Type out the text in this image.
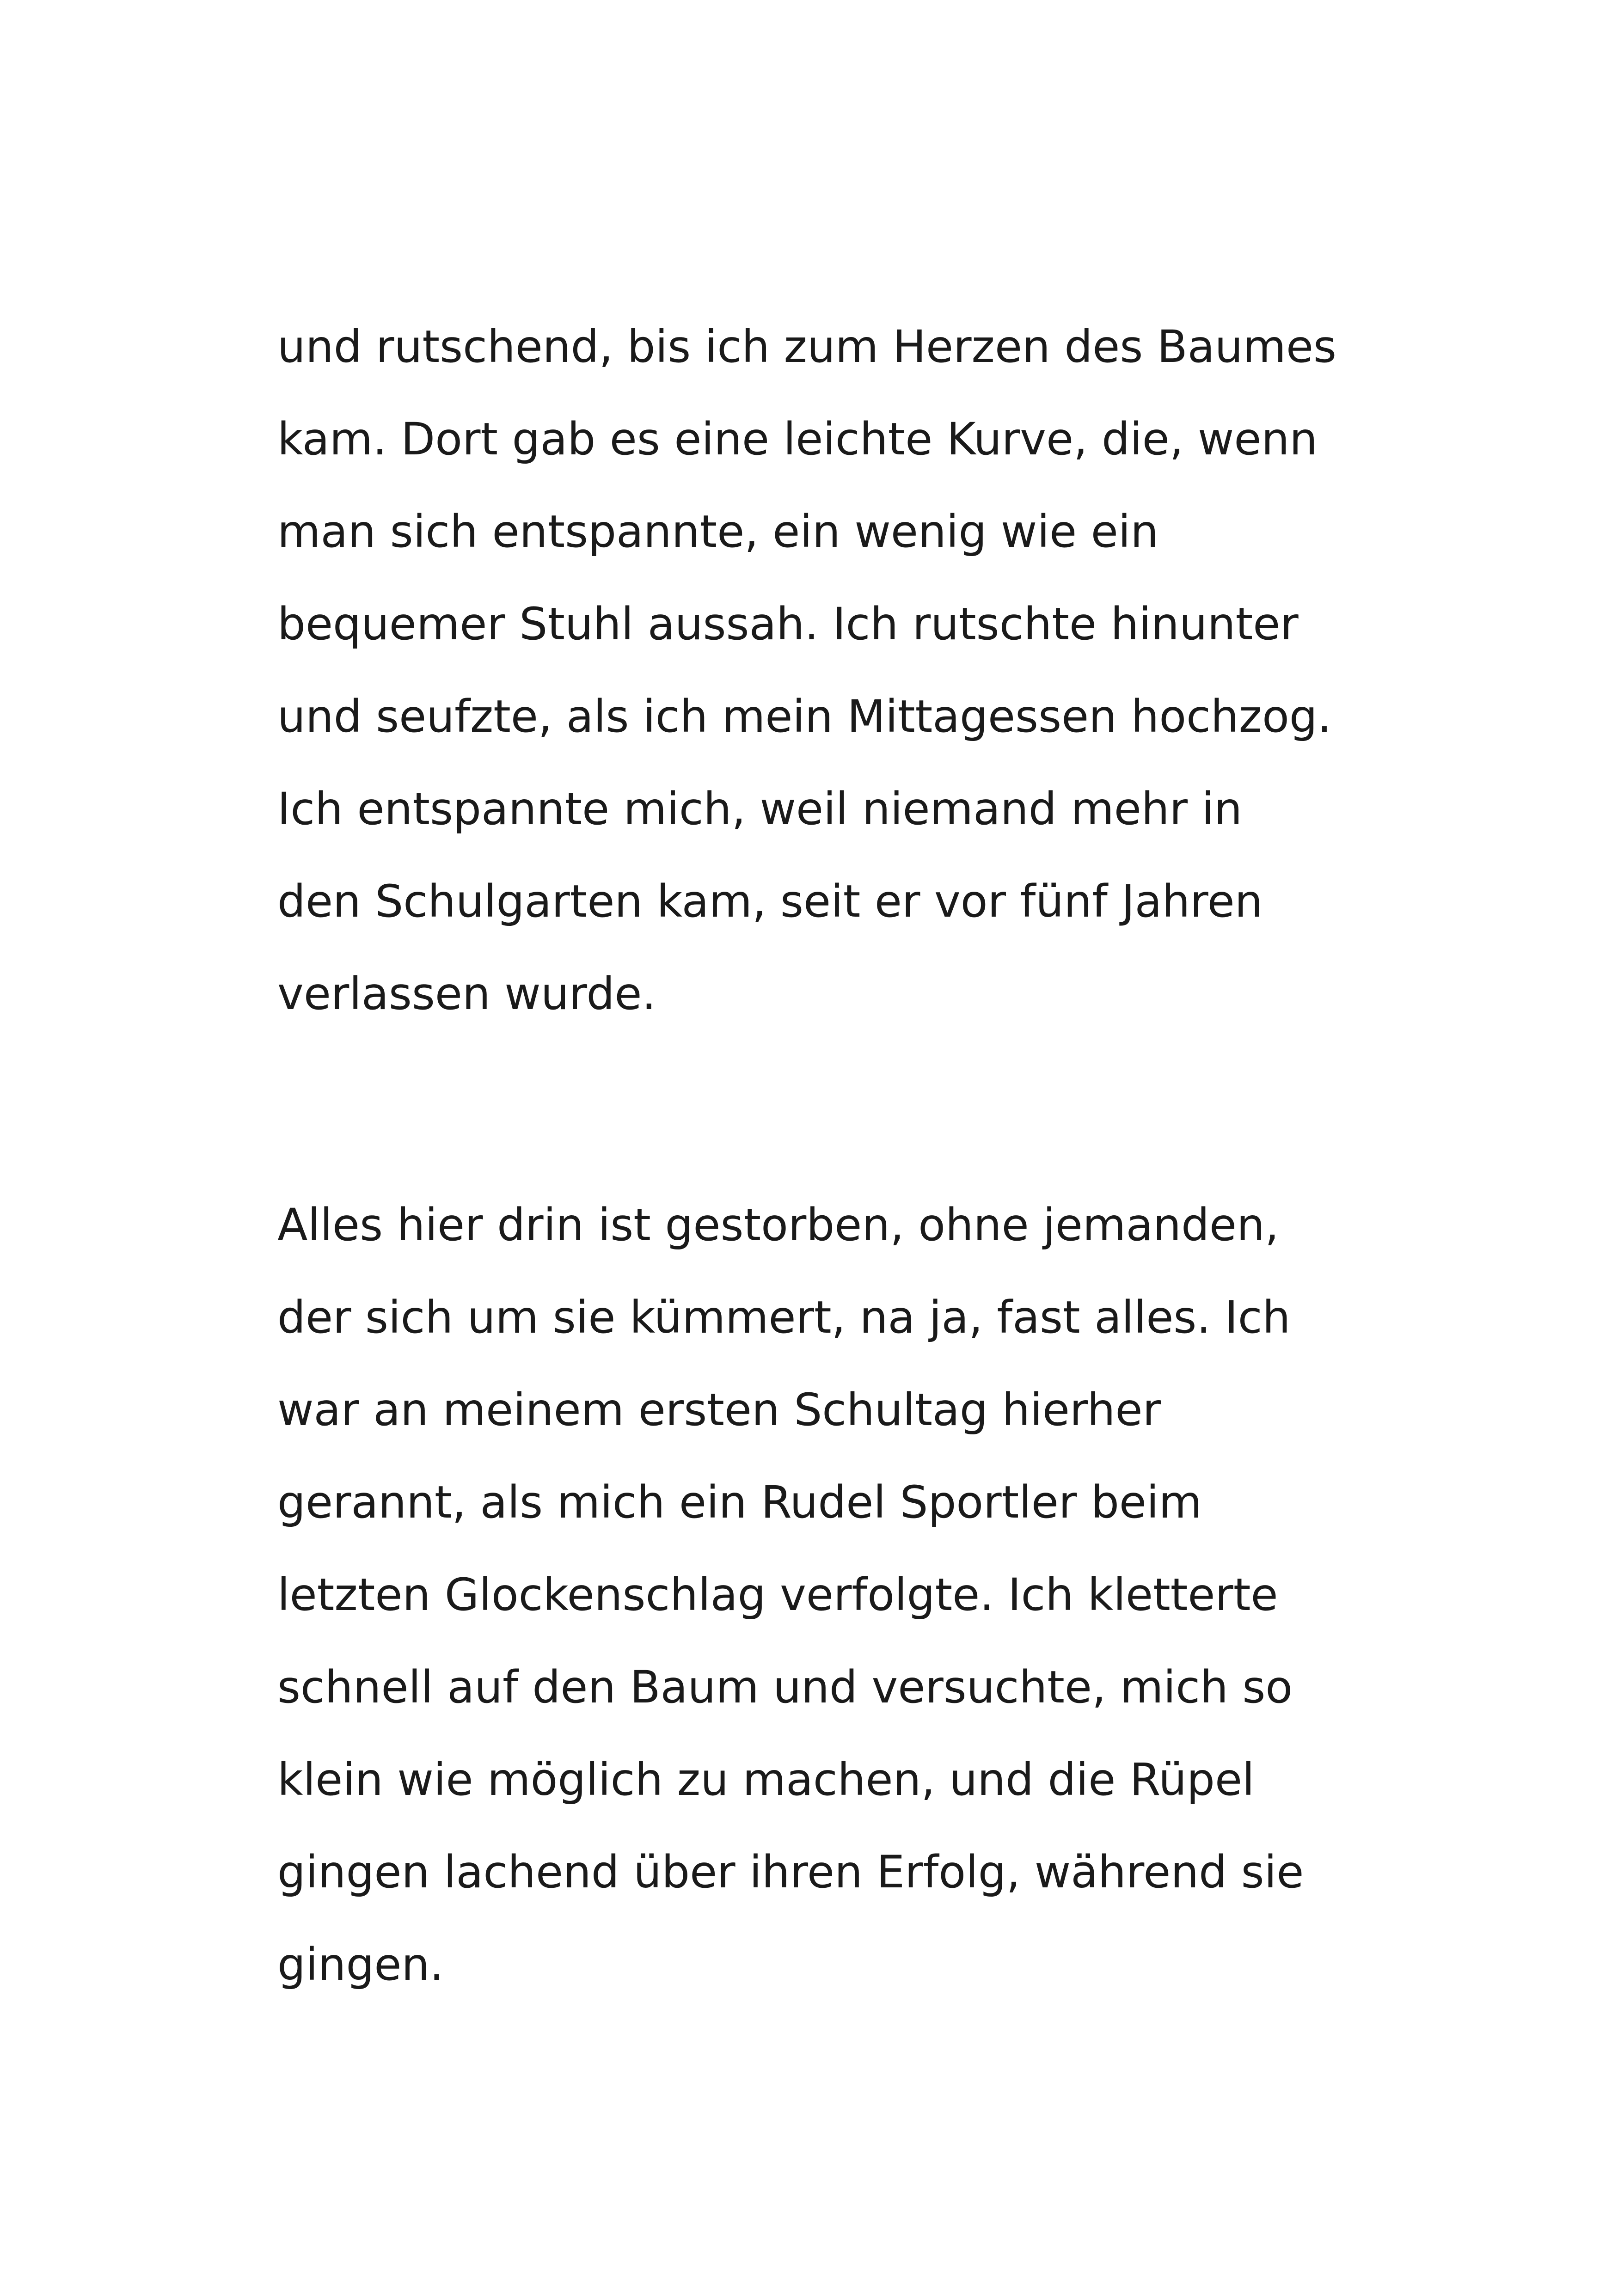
und rutschend, bis ich zum Herzen des Baumes
kam. Dort gab es eine leichte Kurve, die, wenn
man sich entspannte, ein wenig wie ein
bequemer Stuhl aussah. Ich rutschte hinunter
und seufzte, als ich mein Mittagessen hochzog.
Ich entspannte mich, weil niemand mehr in
den Schulgarten kam, seit er vor fünf Jahren
verlassen wurde.
Alles hier drin ist gestorben, ohne jemanden,
der sich um sie kümmert, na ja, fast alles. Ich
war an meinem ersten Schultag hierher
gerannt, als mich ein Rudel Sportler beim
letzten Glockenschlag verfolgte. Ich kletterte
schnell auf den Baum und versuchte, mich so
klein wie möglich zu machen, und die Rüpel
gingen lachend über ihren Erfolg, während sie
gingen.
